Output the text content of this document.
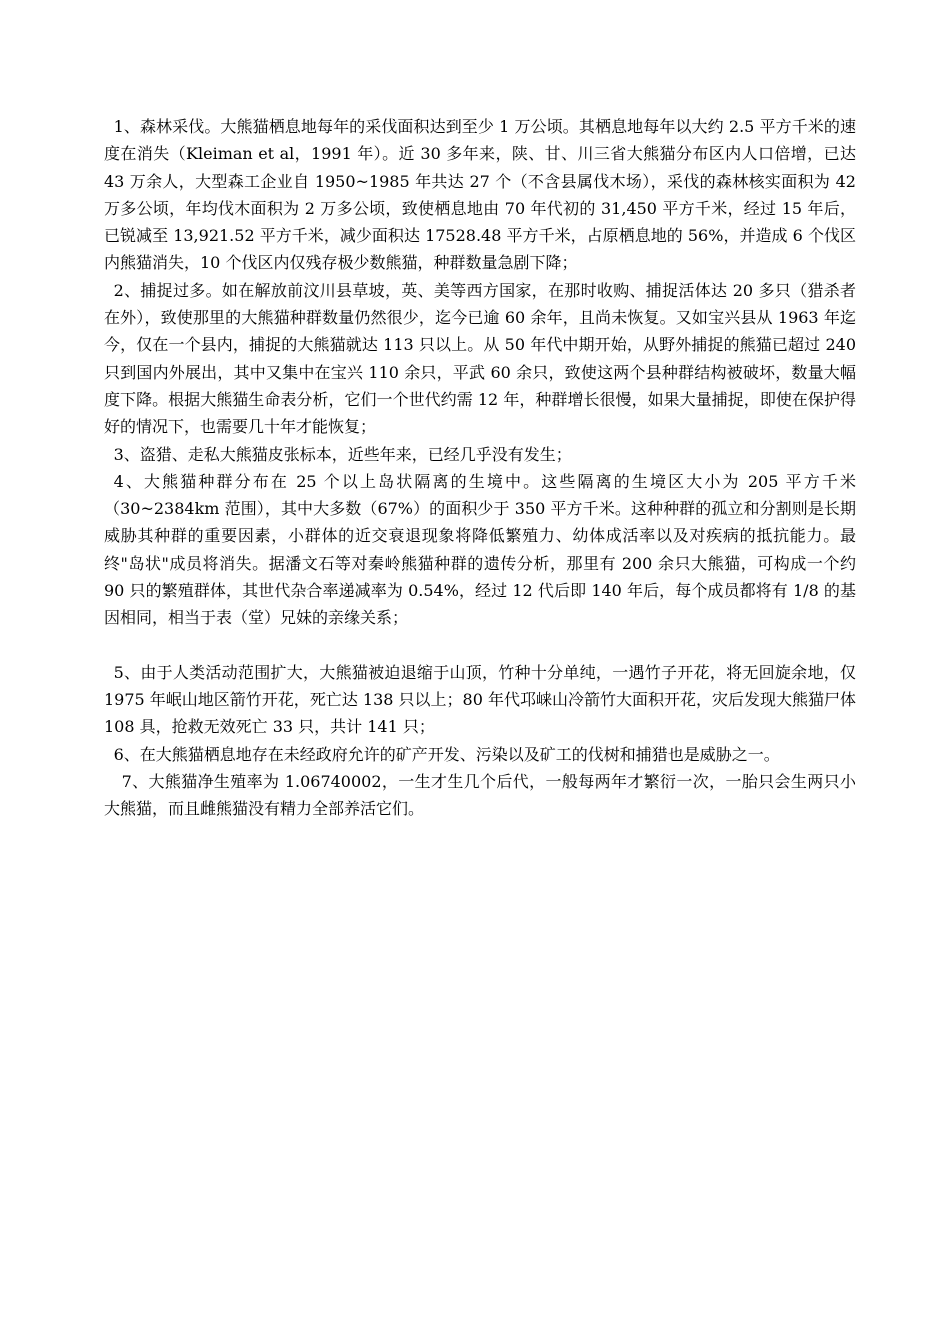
1、森林采伐。大熊猫栖息地每年的采伐面积达到至少 1 万公顷。其栖息地每年以大约 2.5 平方千米的速度在消失（Kleiman et al，1991 年）。近 30 多年来，陕、甘、川三省大熊猫分布区内人口倍增，已达 43 万余人，大型森工企业自 1950~1985 年共达 27 个（不含县属伐木场），采伐的森林核实面积为 42 万多公顷，年均伐木面积为 2 万多公顷，致使栖息地由 70 年代初的 31,450 平方千米，经过 15 年后，已锐减至 13,921.52 平方千米，减少面积达 17528.48 平方千米，占原栖息地的 56%，并造成 6 个伐区内熊猫消失，10 个伐区内仅残存极少数熊猫，种群数量急剧下降；

2、捕捉过多。如在解放前汶川县草坡，英、美等西方国家，在那时收购、捕捉活体达 20 多只（猎杀者在外），致使那里的大熊猫种群数量仍然很少，迄今已逾 60 余年，且尚未恢复。又如宝兴县从 1963 年迄今，仅在一个县内，捕捉的大熊猫就达 113 只以上。从 50 年代中期开始，从野外捕捉的熊猫已超过 240 只到国内外展出，其中又集中在宝兴 110 余只，平武 60 余只，致使这两个县种群结构被破坏，数量大幅度下降。根据大熊猫生命表分析，它们一个世代约需 12 年，种群增长很慢，如果大量捕捉，即使在保护得好的情况下，也需要几十年才能恢复；

3、盗猎、走私大熊猫皮张标本，近些年来，已经几乎没有发生；

4、大熊猫种群分布在 25 个以上岛状隔离的生境中。这些隔离的生境区大小为 205 平方千米（30~2384km 范围），其中大多数（67%）的面积少于 350 平方千米。这种种群的孤立和分割则是长期威胁其种群的重要因素，小群体的近交衰退现象将降低繁殖力、幼体成活率以及对疾病的抵抗能力。最终"岛状"成员将消失。据潘文石等对秦岭熊猫种群的遗传分析，那里有 200 余只大熊猫，可构成一个约 90 只的繁殖群体，其世代杂合率递减率为 0.54%，经过 12 代后即 140 年后，每个成员都将有 1/8 的基因相同，相当于表（堂）兄妹的亲缘关系；

5、由于人类活动范围扩大，大熊猫被迫退缩于山顶，竹种十分单纯，一遇竹子开花，将无回旋余地，仅 1975 年岷山地区箭竹开花，死亡达 138 只以上；80 年代邛崃山冷箭竹大面积开花，灾后发现大熊猫尸体 108 具，抢救无效死亡 33 只，共计 141 只；

6、在大熊猫栖息地存在未经政府允许的矿产开发、污染以及矿工的伐树和捕猎也是威胁之一。

7、大熊猫净生殖率为 1.06740002，一生才生几个后代，一般每两年才繁衍一次，一胎只会生两只小大熊猫，而且雌熊猫没有精力全部养活它们。
